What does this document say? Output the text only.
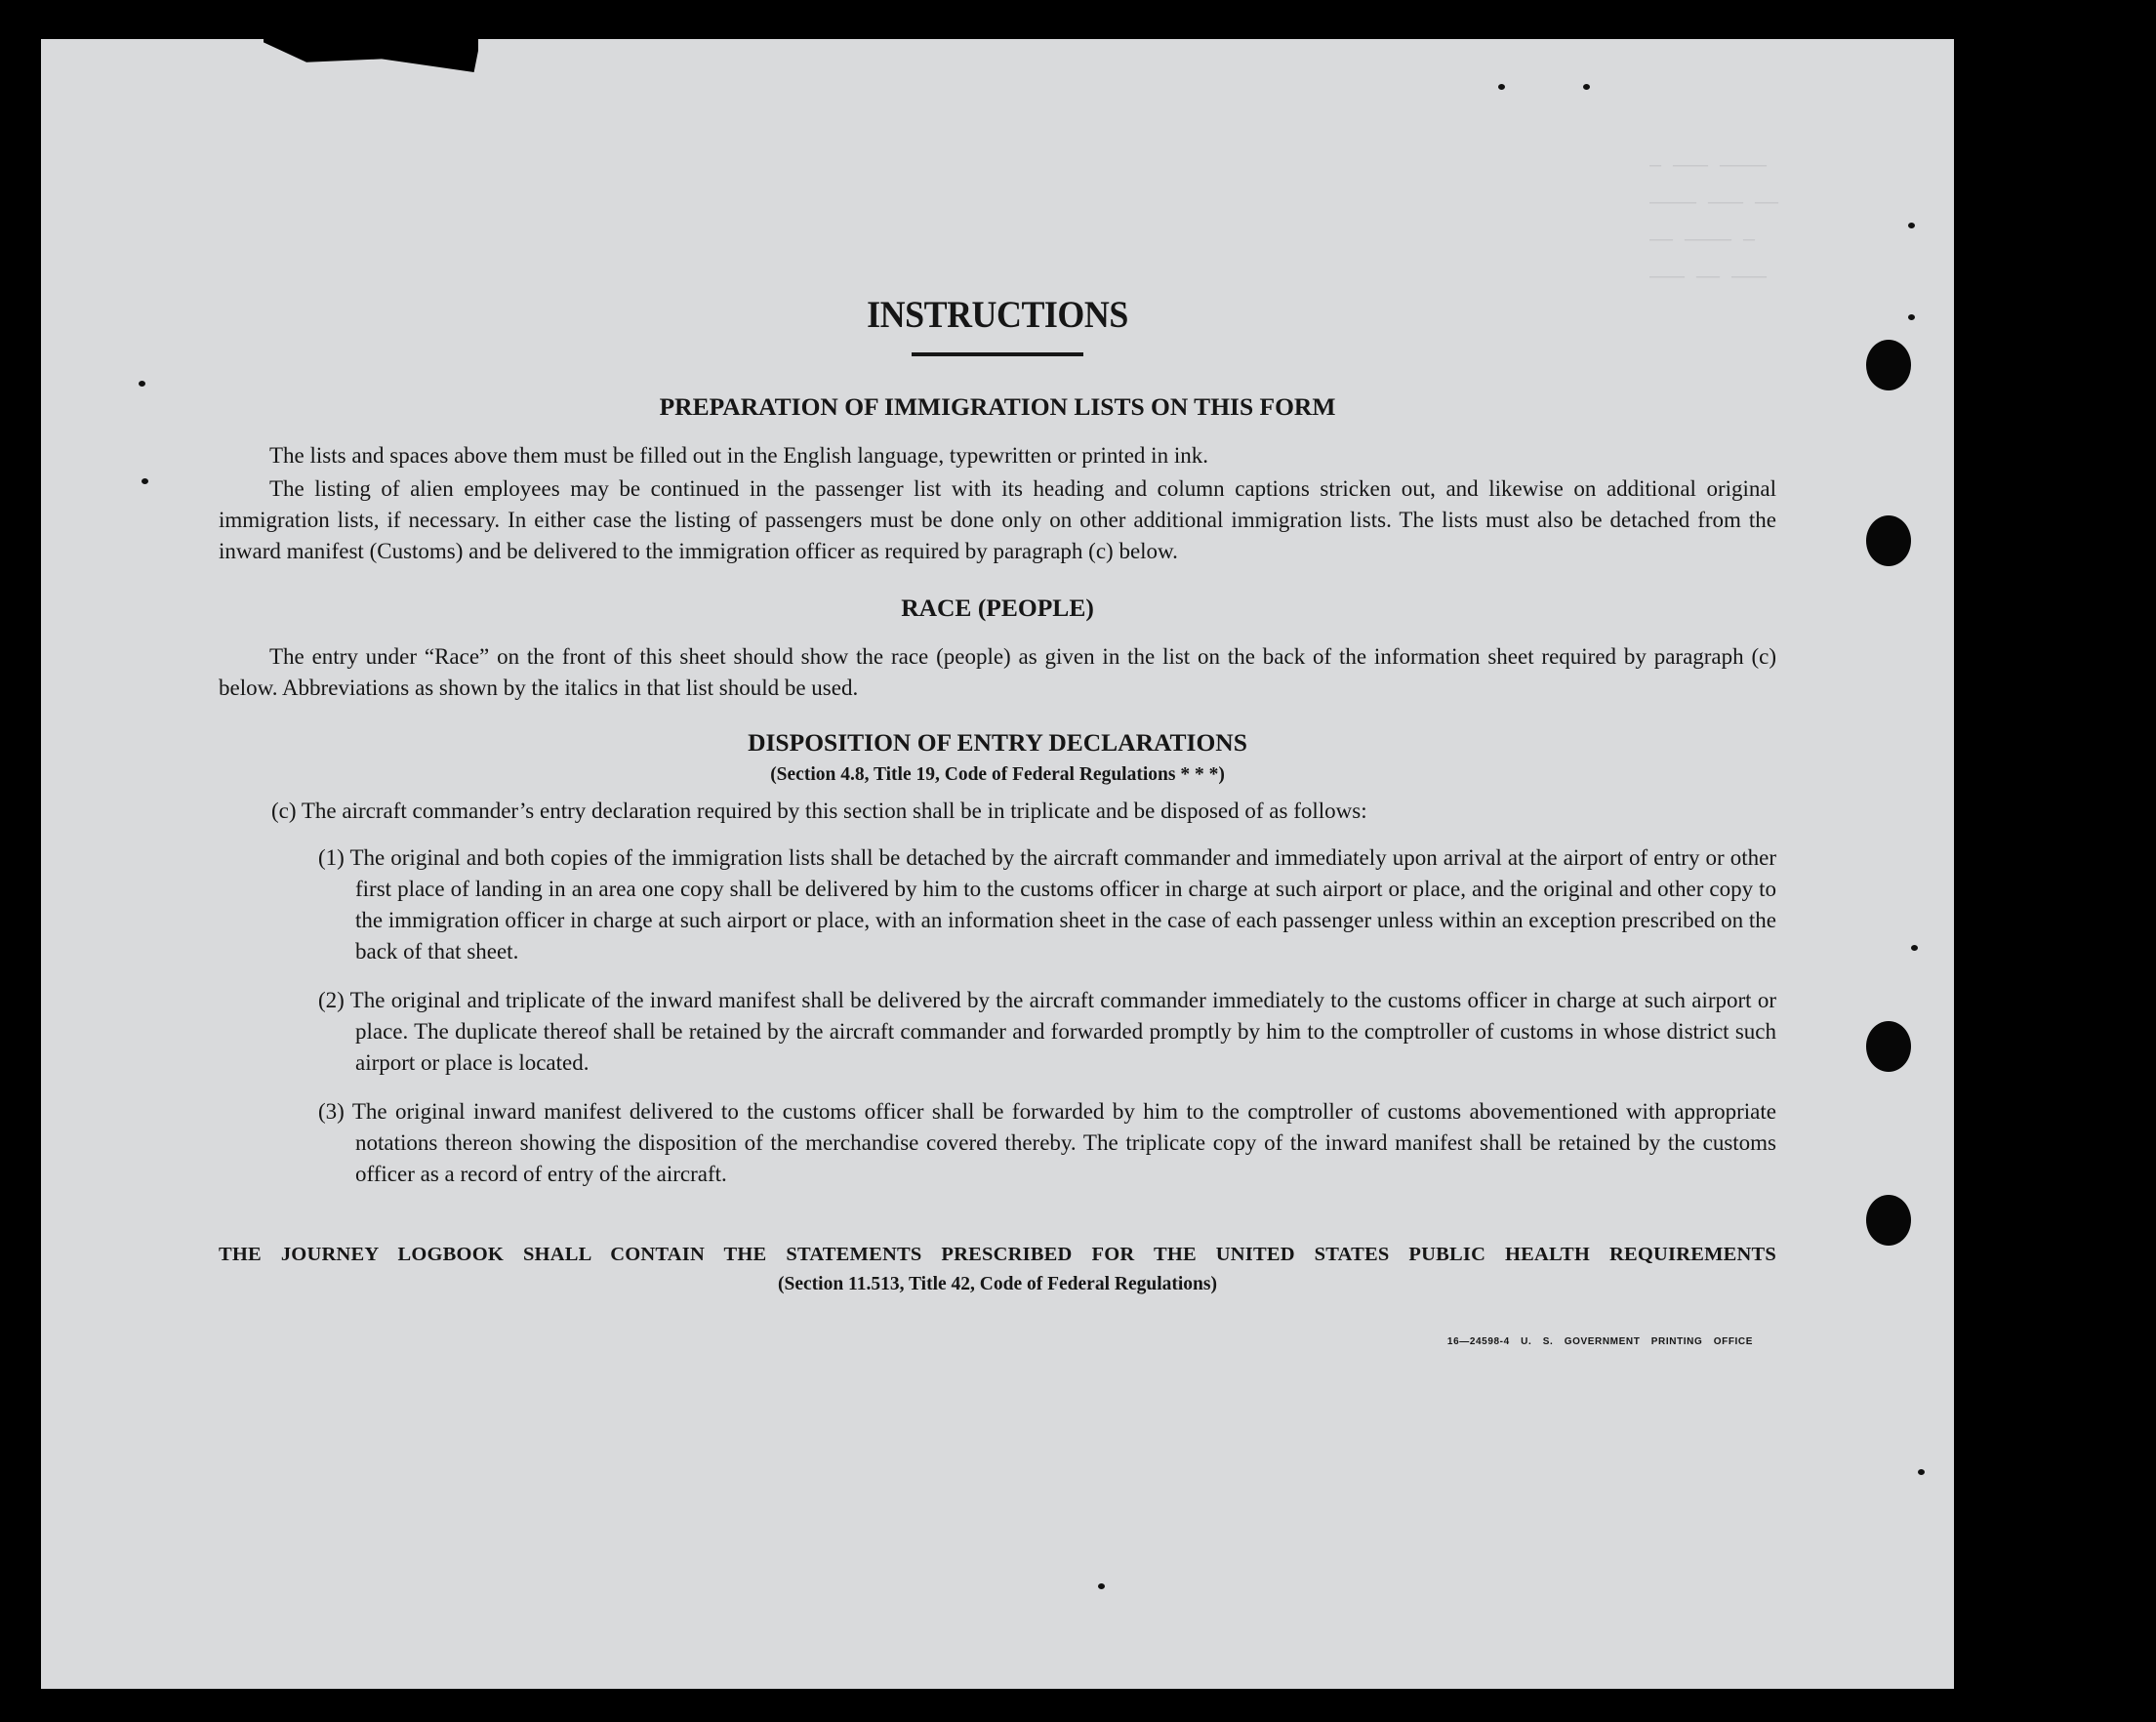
— ——— ————
———— ——— ——
—— ———— —
——— —— ———
INSTRUCTIONS
PREPARATION OF IMMIGRATION LISTS ON THIS FORM

The lists and spaces above them must be filled out in the English language, typewritten or printed in ink.

The listing of alien employees may be continued in the passenger list with its heading and column captions stricken out, and likewise on additional original immigration lists, if necessary. In either case the listing of passengers must be done only on other additional immigration lists. The lists must also be detached from the inward manifest (Customs) and be delivered to the immigration officer as required by paragraph (c) below.

RACE (PEOPLE)

The entry under “Race” on the front of this sheet should show the race (people) as given in the list on the back of the information sheet required by paragraph (c) below. Abbreviations as shown by the italics in that list should be used.

DISPOSITION OF ENTRY DECLARATIONS

(Section 4.8, Title 19, Code of Federal Regulations * * *)

(c) The aircraft commander’s entry declaration required by this section shall be in triplicate and be disposed of as follows:

(1) The original and both copies of the immigration lists shall be detached by the aircraft commander and immediately upon arrival at the airport of entry or other first place of landing in an area one copy shall be delivered by him to the customs officer in charge at such airport or place, and the original and other copy to the immigration officer in charge at such airport or place, with an information sheet in the case of each passenger unless within an exception prescribed on the back of that sheet.

(2) The original and triplicate of the inward manifest shall be delivered by the aircraft commander immediately to the customs officer in charge at such airport or place. The duplicate thereof shall be retained by the aircraft commander and forwarded promptly by him to the comptroller of customs in whose district such airport or place is located.

(3) The original inward manifest delivered to the customs officer shall be forwarded by him to the comptroller of customs abovementioned with appropriate notations thereon showing the disposition of the merchandise covered thereby. The triplicate copy of the inward manifest shall be retained by the customs officer as a record of entry of the aircraft.

THE JOURNEY LOGBOOK SHALL CONTAIN THE STATEMENTS PRESCRIBED FOR THE UNITED STATES PUBLIC HEALTH REQUIREMENTS

(Section 11.513, Title 42, Code of Federal Regulations)

16—24598-4 U. S. GOVERNMENT PRINTING OFFICE
